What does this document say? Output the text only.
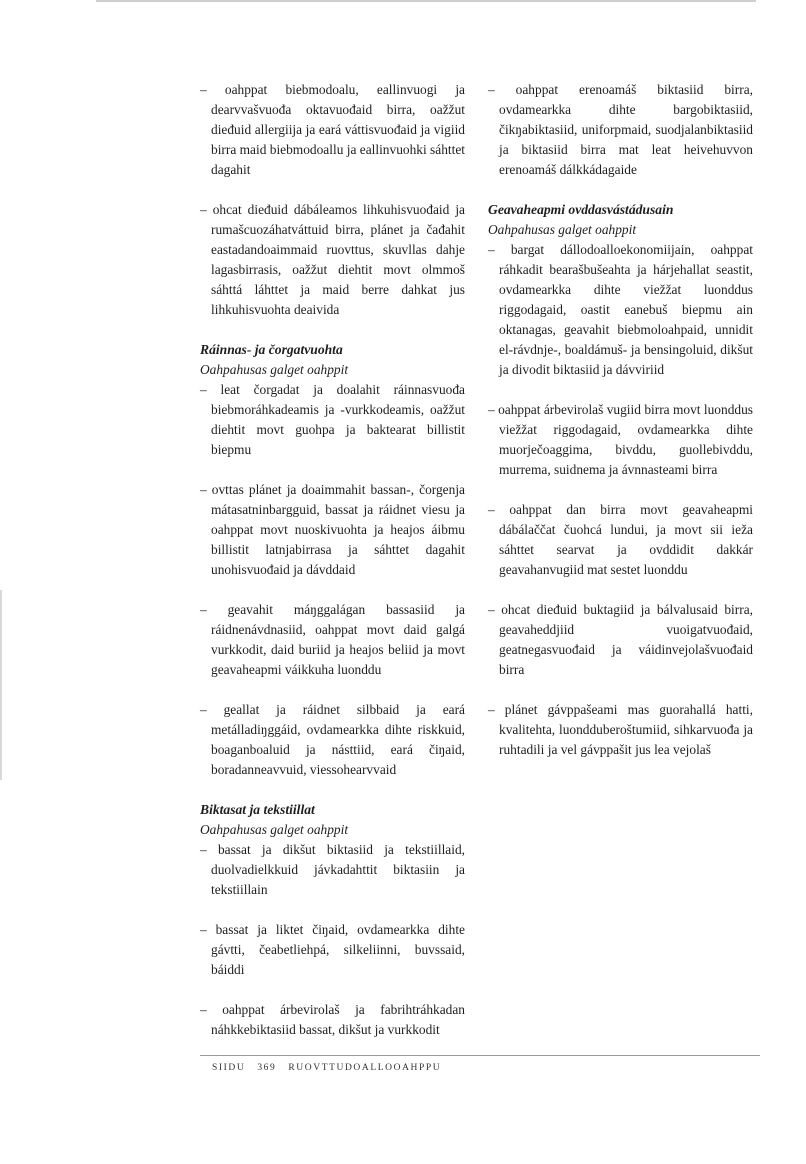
– oahppat biebmodoalu, eallinvuogi ja dearvvašvuođa oktavuođaid birra, oažžut dieđuid allergiija ja eará váttisvuođaid ja vigiid birra maid biebmodoallu ja eallinvuohki sáhttet dagahit

– ohcat dieđuid dábáleamos lihkuhisvuođaid ja rumašcuozáhatváttuid birra, plánet ja čađahit eastadandoaimmaid ruovttus, skuvllas dahje lagasbirrasis, oažžut diehtit movt olmmoš sáhttá láhttet ja maid berre dahkat jus lihkuhisvuohta deaivida

Ráinnas- ja čorgatvuohta

Oahpahusas galget oahppit

– leat čorgadat ja doalahit ráinnasvuođa biebmoráhkadeamis ja -vurkkodeamis, oažžut diehtit movt guohpa ja baktearat billistit biepmu

– ovttas plánet ja doaimmahit bassan-, čorgenja mátasatninbargguid, bassat ja ráidnet viesu ja oahppat movt nuoskivuohta ja heajos áibmu billistit latnjabirrasa ja sáhttet dagahit unohisvuođaid ja dávddaid

– geavahit máŋggalágan bassasiid ja ráidnenávdnasiid, oahppat movt daid galgá vurkkodit, daid buriid ja heajos beliid ja movt geavaheapmi váikkuha luonddu

– geallat ja ráidnet silbbaid ja eará metálladiŋggáid, ovdamearkka dihte riskkuid, boaganboaluid ja násttiid, eará čiŋaid, boradanneavvuid, viessohearvvaid

Biktasat ja tekstiillat

Oahpahusas galget oahppit

– bassat ja dikšut biktasiid ja tekstiillaid, duolvadielkkuid jávkadahttit biktasiin ja tekstiillain

– bassat ja liktet čiŋaid, ovdamearkka dihte gávtti, čeabetliehpá, silkeliinni, buvssaid, báiddi

– oahppat árbevirolaš ja fabrihtráhkadan náhkkebiktasiid bassat, dikšut ja vurkkodit

– oahppat erenoamáš biktasiid birra, ovdamearkka dihte bargobiktasiid, čikŋabiktasiid, uniforpmaid, suodjalanbiktasiid ja biktasiid birra mat leat heivehuvvon erenoamáš dálkkádagaide

Geavaheapmi ovddasvástádusain

Oahpahusas galget oahppit

– bargat dállodoalloekonomiijain, oahppat ráhkadit bearašbušeahta ja hárjehallat seastit, ovdamearkka dihte viežžat luonddus riggodagaid, oastit eanebuš biepmu ain oktanagas, geavahit biebmoloahpaid, unnidit el-rávdnje-, boaldámuš- ja bensingoluid, dikšut ja divodit biktasiid ja dávviriid

– oahppat árbevirolaš vugiid birra movt luonddus viežžat riggodagaid, ovdamearkka dihte muorječoaggima, bivddu, guollebivddu, murrema, suidnema ja ávnnasteami birra

– oahppat dan birra movt geavaheapmi dábálaččat čuohcá lundui, ja movt sii ieža sáhttet searvat ja ovddidit dakkár geavahanvugiid mat sestet luonddu

– ohcat dieđuid buktagiid ja bálvalusaid birra, geavaheddjiid vuoigatvuođaid, geatnegasvuođaid ja váidinvejolašvuođaid birra

– plánet gávppašeami mas guorahallá hatti, kvalitehta, luondduberoštumiid, sihkarvuođa ja ruhtadili ja vel gávppašit jus lea vejolaš

SIIDU 369 RUOVTTUDOALLOOAHPPU
